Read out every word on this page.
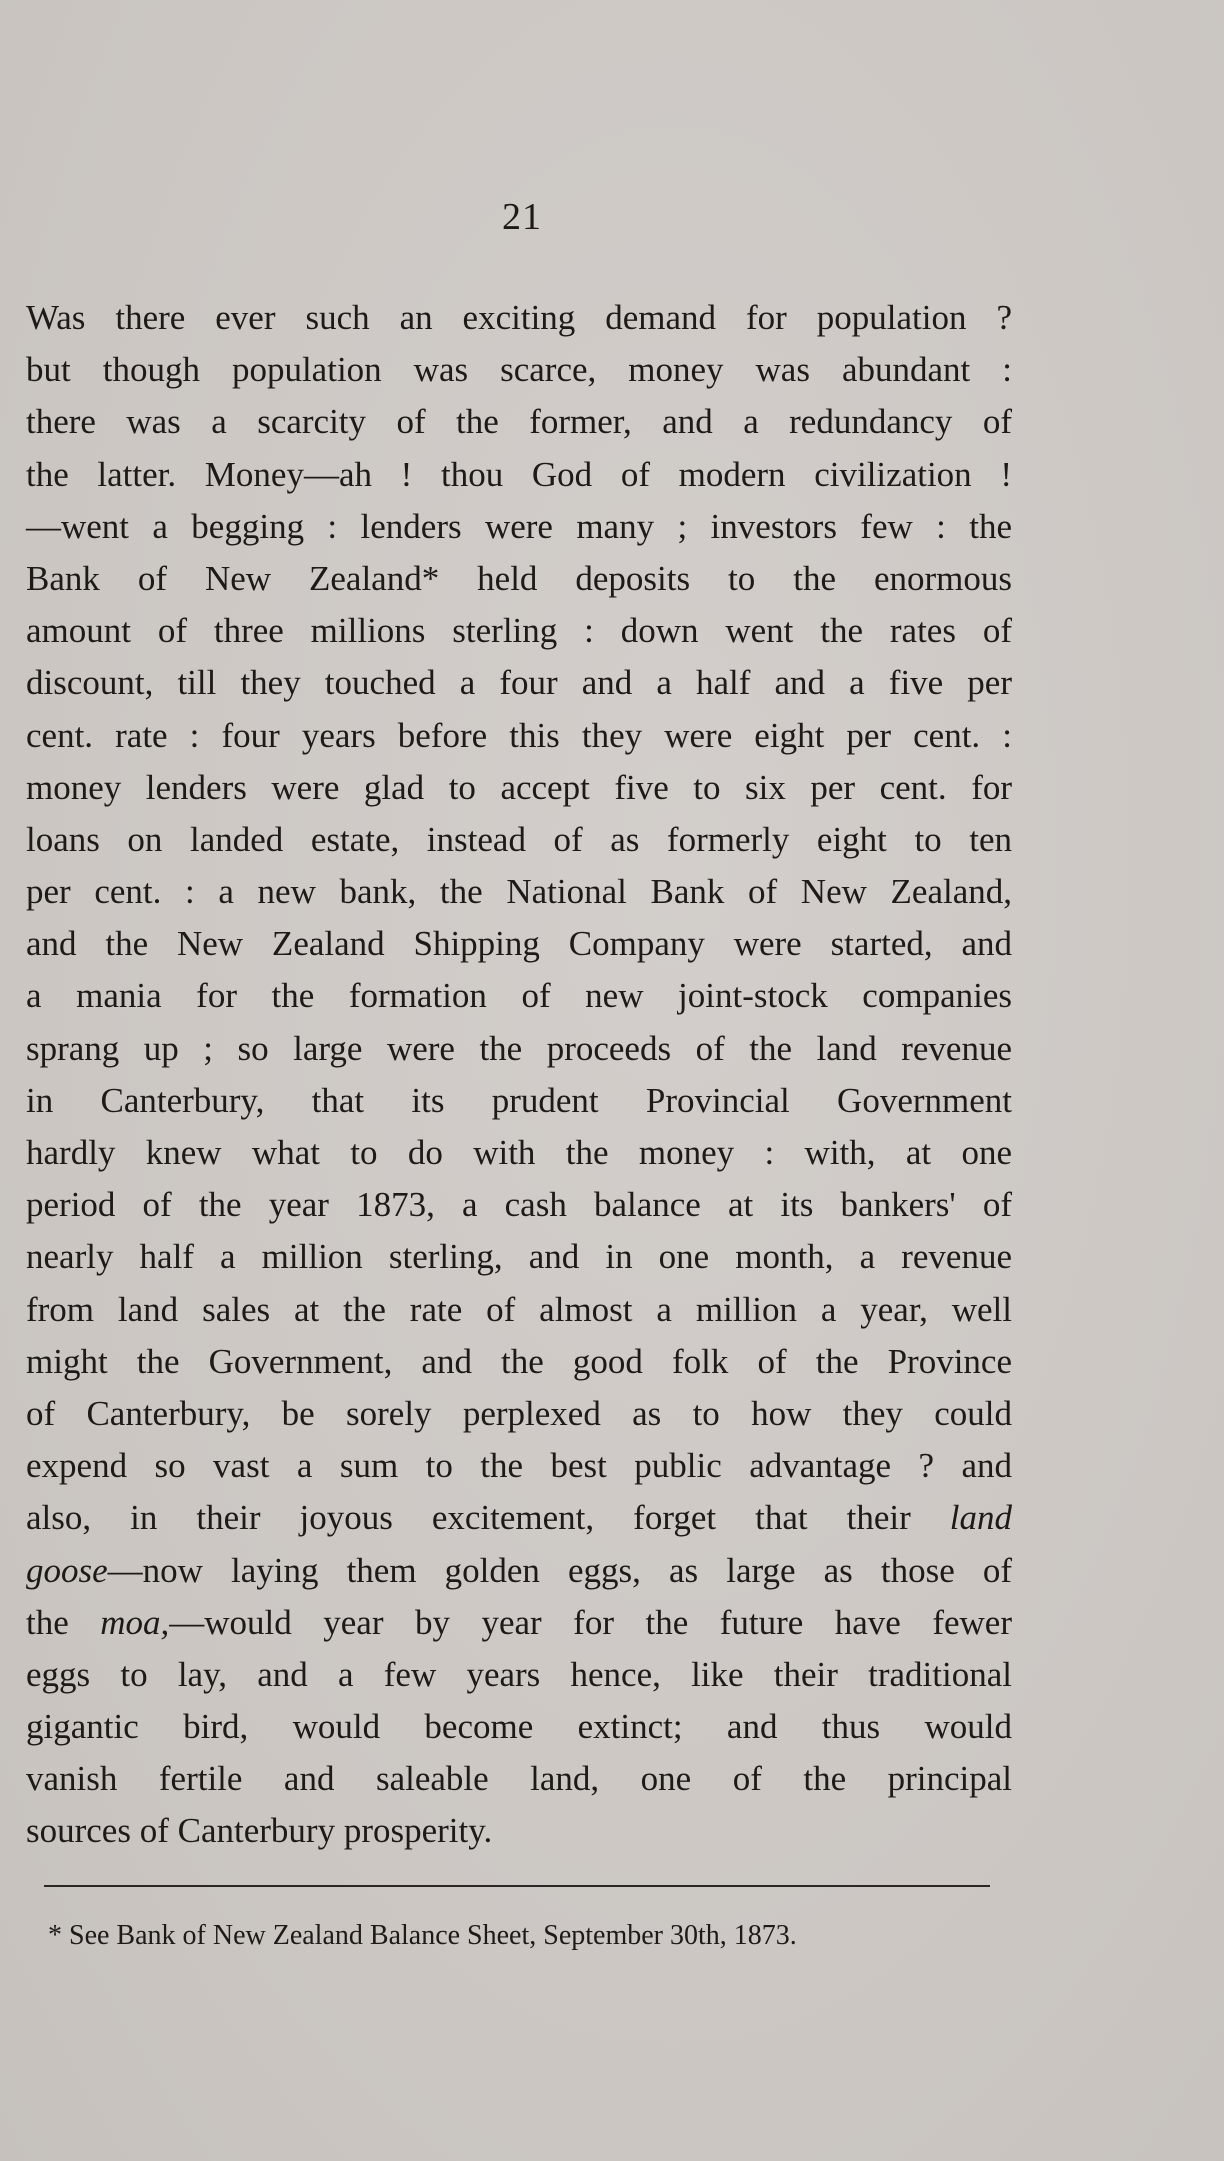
21
Was there ever such an exciting demand for population ?
but though population was scarce, money was abundant :
there was a scarcity of the former, and a redundancy of
the latter. Money—ah ! thou God of modern civilization !
—went a begging : lenders were many ; investors few : the
Bank of New Zealand* held deposits to the enormous
amount of three millions sterling : down went the rates of
discount, till they touched a four and a half and a five per
cent. rate : four years before this they were eight per cent. :
money lenders were glad to accept five to six per cent. for
loans on landed estate, instead of as formerly eight to ten
per cent. : a new bank, the National Bank of New Zealand,
and the New Zealand Shipping Company were started, and
a mania for the formation of new joint-stock companies
sprang up ; so large were the proceeds of the land revenue
in Canterbury, that its prudent Provincial Government
hardly knew what to do with the money : with, at one
period of the year 1873, a cash balance at its bankers' of
nearly half a million sterling, and in one month, a revenue
from land sales at the rate of almost a million a year, well
might the Government, and the good folk of the Province
of Canterbury, be sorely perplexed as to how they could
expend so vast a sum to the best public advantage ? and
also, in their joyous excitement, forget that their land
goose—now laying them golden eggs, as large as those of
the moa,—would year by year for the future have fewer
eggs to lay, and a few years hence, like their traditional
gigantic bird, would become extinct; and thus would
vanish fertile and saleable land, one of the principal
sources of Canterbury prosperity.
* See Bank of New Zealand Balance Sheet, September 30th, 1873.
